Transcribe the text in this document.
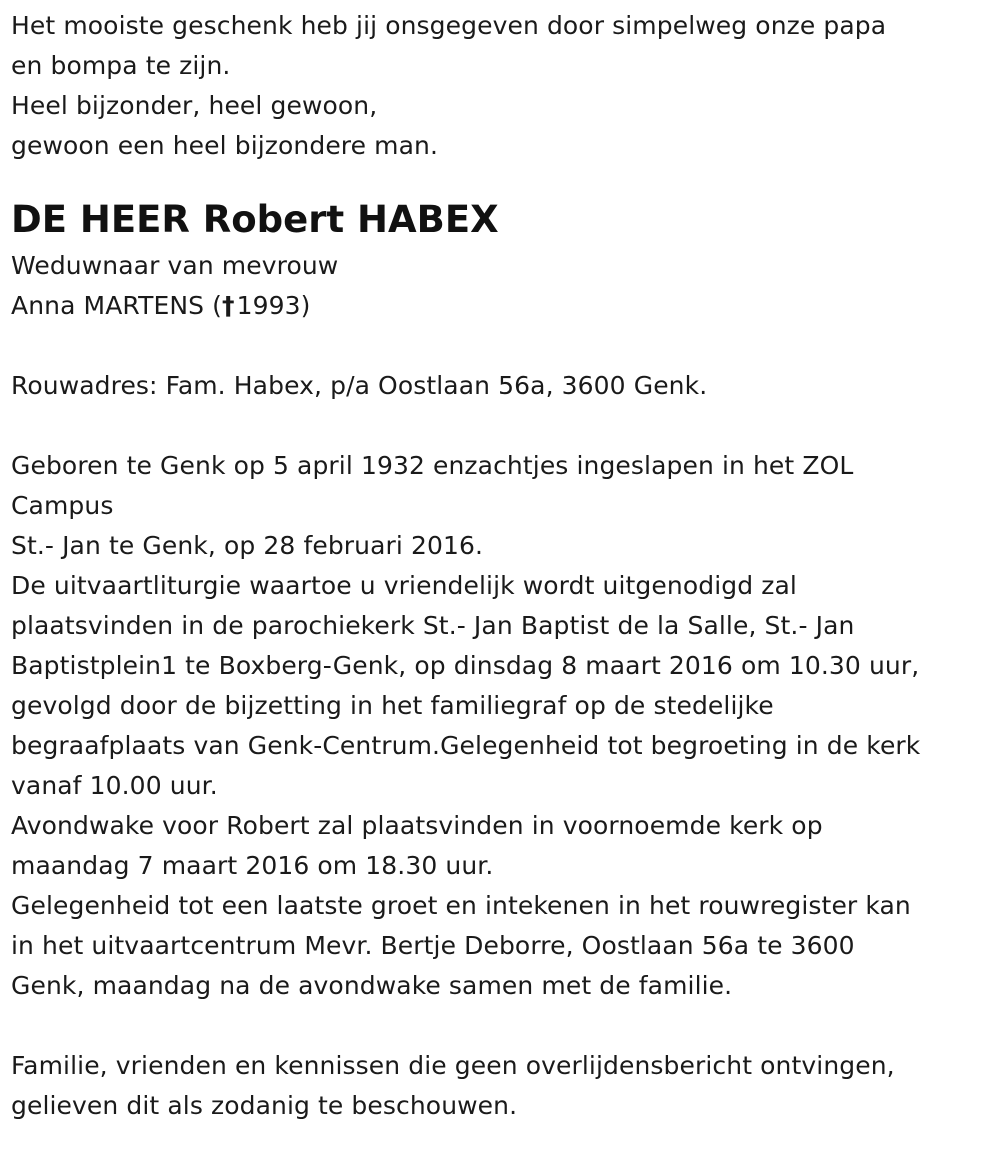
Het mooiste geschenk heb jij onsgegeven door simpelweg onze papa
en bompa te zijn.
Heel bijzonder, heel gewoon,
gewoon een heel bijzondere man.
DE HEER Robert HABEX
Weduwnaar van mevrouw
Anna MARTENS (†1993)
Rouwadres: Fam. Habex, p/a Oostlaan 56a, 3600 Genk.
Geboren te Genk op 5 april 1932 enzachtjes ingeslapen in het ZOL
Campus
St.- Jan te Genk, op 28 februari 2016.
De uitvaartliturgie waartoe u vriendelijk wordt uitgenodigd zal
plaatsvinden in de parochiekerk St.- Jan Baptist de la Salle, St.- Jan
Baptistplein1 te Boxberg-Genk, op dinsdag 8 maart 2016 om 10.30 uur,
gevolgd door de bijzetting in het familiegraf op de stedelijke
begraafplaats van Genk-Centrum.Gelegenheid tot begroeting in de kerk
vanaf 10.00 uur.
Avondwake voor Robert zal plaatsvinden in voornoemde kerk op
maandag 7 maart 2016 om 18.30 uur.
Gelegenheid tot een laatste groet en intekenen in het rouwregister kan
in het uitvaartcentrum Mevr. Bertje Deborre, Oostlaan 56a te 3600
Genk, maandag na de avondwake samen met de familie.
Familie, vrienden en kennissen die geen overlijdensbericht ontvingen,
gelieven dit als zodanig te beschouwen.
